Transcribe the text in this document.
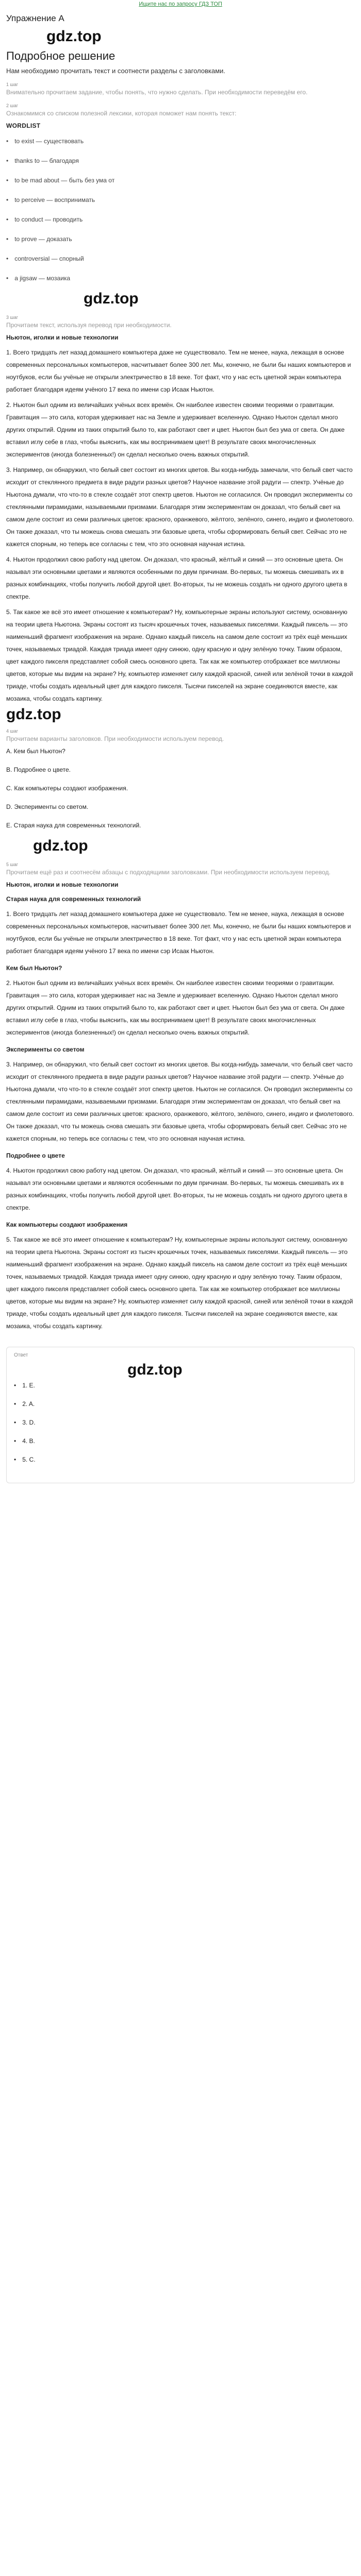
Ищите нас по запросу ГДЗ ТОП
Упражнение A
gdz.top
Подробное решение

Нам необходимо прочитать текст и соотнести разделы с заголовками.

1 шаг
Внимательно прочитаем задание, чтобы понять, что нужно сделать. При необходимости переведём его.
2 шаг
Ознакомимся со списком полезной лексики, которая поможет нам понять текст:
WORDLIST
• to exist — существовать
• thanks to — благодаря
• to be mad about — быть без ума от
• to perceive — воспринимать
• to conduct — проводить
• to prove — доказать
• controversial — спорный
• a jigsaw — мозаика
gdz.top
3 шаг
Прочитаем текст, используя перевод при необходимости.
Ньютон, иголки и новые технологии

1. Всего тридцать лет назад домашнего компьютера даже не существовало. Тем не менее, наука, лежащая в основе современных персональных компьютеров, насчитывает более 300 лет. Мы, конечно, не были бы наших компьютеров и ноутбуков, если бы учёные не открыли электричество в 18 веке. Тот факт, что у нас есть цветной экран компьютера работает благодаря идеям учёного 17 века по имени сэр Исаак Ньютон.

2. Ньютон был одним из величайших учёных всех времён. Он наиболее известен своими теориями о гравитации. Гравитация — это сила, которая удерживает нас на Земле и удерживает вселенную. Однако Ньютон сделал много других открытий. Одним из таких открытий было то, как работают свет и цвет. Ньютон был без ума от света. Он даже вставил иглу себе в глаз, чтобы выяснить, как мы воспринимаем цвет! В результате своих многочисленных экспериментов (иногда болезненных!) он сделал несколько очень важных открытий.

3. Например, он обнаружил, что белый свет состоит из многих цветов. Вы когда-нибудь замечали, что белый свет часто исходит от стеклянного предмета в виде радуги разных цветов? Научное название этой радуги — спектр. Учёные до Ньютона думали, что что-то в стекле создаёт этот спектр цветов. Ньютон не согласился. Он проводил эксперименты со стеклянными пирамидами, называемыми призмами. Благодаря этим экспериментам он доказал, что белый свет на самом деле состоит из семи различных цветов: красного, оранжевого, жёлтого, зелёного, синего, индиго и фиолетового. Он также доказал, что ты можешь снова смешать эти базовые цвета, чтобы сформировать белый свет. Сейчас это не кажется спорным, но теперь все согласны с тем, что это основная научная истина.

4. Ньютон продолжил свою работу над цветом. Он доказал, что красный, жёлтый и синий — это основные цвета. Он называл эти основными цветами и являются особенными по двум причинам. Во-первых, ты можешь смешивать их в разных комбинациях, чтобы получить любой другой цвет. Во-вторых, ты не можешь создать ни одного другого цвета в спектре.

5. Так какое же всё это имеет отношение к компьютерам? Ну, компьютерные экраны используют систему, основанную на теории цвета Ньютона. Экраны состоят из тысяч крошечных точек, называемых пикселями. Каждый пиксель — это наименьший фрагмент изображения на экране. Однако каждый пиксель на самом деле состоит из трёх ещё меньших точек, называемых триадой. Каждая триада имеет одну синюю, одну красную и одну зелёную точку. Таким образом, цвет каждого пикселя представляет собой смесь основного цвета. Так как же компьютер отображает все миллионы цветов, которые мы видим на экране? Ну, компьютер изменяет силу каждой красной, синей или зелёной точки в каждой триаде, чтобы создать идеальный цвет для каждого пикселя. Тысячи пикселей на экране соединяются вместе, как мозаика, чтобы создать картинку.

gdz.top
4 шаг
Прочитаем варианты заголовков. При необходимости используем перевод.

A. Кем был Ньютон?

B. Подробнее о цвете.

C. Как компьютеры создают изображения.

D. Эксперименты со светом.

E. Старая наука для современных технологий.

gdz.top
5 шаг
Прочитаем ещё раз и соотнесём абзацы с подходящими заголовками. При необходимости используем перевод.
Ньютон, иголки и новые технологии
Старая наука для современных технологий

1. Всего тридцать лет назад домашнего компьютера даже не существовало. Тем не менее, наука, лежащая в основе современных персональных компьютеров, насчитывает более 300 лет. Мы, конечно, не были бы наших компьютеров и ноутбуков, если бы учёные не открыли электричество в 18 веке. Тот факт, что у нас есть цветной экран компьютера работает благодаря идеям учёного 17 века по имени сэр Исаак Ньютон.

Кем был Ньютон?

2. Ньютон был одним из величайших учёных всех времён. Он наиболее известен своими теориями о гравитации. Гравитация — это сила, которая удерживает нас на Земле и удерживает вселенную. Однако Ньютон сделал много других открытий. Одним из таких открытий было то, как работают свет и цвет. Ньютон был без ума от света. Он даже вставил иглу себе в глаз, чтобы выяснить, как мы воспринимаем цвет! В результате своих многочисленных экспериментов (иногда болезненных!) он сделал несколько очень важных открытий.

Эксперименты со светом

3. Например, он обнаружил, что белый свет состоит из многих цветов. Вы когда-нибудь замечали, что белый свет часто исходит от стеклянного предмета в виде радуги разных цветов? Научное название этой радуги — спектр. Учёные до Ньютона думали, что что-то в стекле создаёт этот спектр цветов. Ньютон не согласился. Он проводил эксперименты со стеклянными пирамидами, называемыми призмами. Благодаря этим экспериментам он доказал, что белый свет на самом деле состоит из семи различных цветов: красного, оранжевого, жёлтого, зелёного, синего, индиго и фиолетового. Он также доказал, что ты можешь снова смешать эти базовые цвета, чтобы сформировать белый свет. Сейчас это не кажется спорным, но теперь все согласны с тем, что это основная научная истина.

Подробнее о цвете

4. Ньютон продолжил свою работу над цветом. Он доказал, что красный, жёлтый и синий — это основные цвета. Он называл эти основными цветами и являются особенными по двум причинам. Во-первых, ты можешь смешивать их в разных комбинациях, чтобы получить любой другой цвет. Во-вторых, ты не можешь создать ни одного другого цвета в спектре.

Как компьютеры создают изображения

5. Так какое же всё это имеет отношение к компьютерам? Ну, компьютерные экраны используют систему, основанную на теории цвета Ньютона. Экраны состоят из тысяч крошечных точек, называемых пикселями. Каждый пиксель — это наименьший фрагмент изображения на экране. Однако каждый пиксель на самом деле состоит из трёх ещё меньших точек, называемых триадой. Каждая триада имеет одну синюю, одну красную и одну зелёную точку. Таким образом, цвет каждого пикселя представляет собой смесь основного цвета. Так как же компьютер отображает все миллионы цветов, которые мы видим на экране? Ну, компьютер изменяет силу каждой красной, синей или зелёной точки в каждой триаде, чтобы создать идеальный цвет для каждого пикселя. Тысячи пикселей на экране соединяются вместе, как мозаика, чтобы создать картинку.

Ответ
gdz.top
• 1. E.
• 2. A.
• 3. D.
• 4. B.
• 5. C.
